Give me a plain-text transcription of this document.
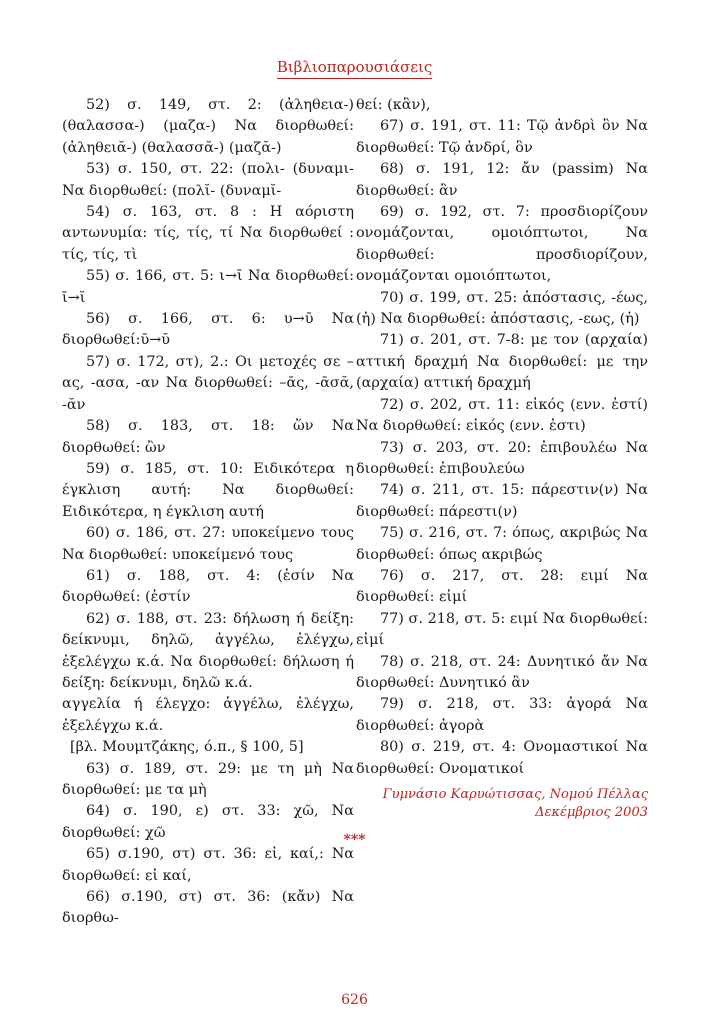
Βιβλιοπαρουσιάσεις
52) σ. 149, στ. 2: (ἀληθεια-) (θαλασσα-) (μαζα-) Να διορθωθεί: (ἀληθειᾰ-) (θαλασσᾰ-) (μαζᾰ-)
53) σ. 150, στ. 22: (πολι- (δυναμι- Να διορθωθεί: (πολῐ- (δυναμῐ-
54) σ. 163, στ. 8 : Η αόριστη αντωνυμία: τίς, τίς, τί Να διορθωθεί : τίς, τίς, τὶ
55) σ. 166, στ. 5: ι→ῑ Να διορθωθεί: ῑ→ῐ
56) σ. 166, στ. 6: υ→ῡ Να διορθωθεί:ῡ→ῠ
57) σ. 172, στ), 2.: Οι μετοχές σε –ας, -ασα, -αν Να διορθωθεί: –ᾱς, -ᾱσᾰ, -ᾰν
58) σ. 183, στ. 18: ὥν Να διορθωθεί: ὢν
59) σ. 185, στ. 10: Ειδικότερα η έγκλιση αυτή: Να διορθωθεί: Ειδικότερα, η έγκλιση αυτή
60) σ. 186, στ. 27: υποκείμενο τους Να διορθωθεί: υποκείμενό τους
61) σ. 188, στ. 4: (ἐσίν Να διορθωθεί: (ἐστίν
62) σ. 188, στ. 23: δήλωση ή δείξη: δείκνυμι, δηλῶ, ἀγγέλω, ἐλέγχω, ἐξελέγχω κ.ά. Να διορθωθεί: δήλωση ή δείξη: δείκνυμι, δηλῶ κ.ά.
αγγελία ή έλεγχο: ἀγγέλω, ἐλέγχω, ἐξελέγχω κ.ά.
[βλ. Μουμτζάκης, ό.π., § 100, 5]
63) σ. 189, στ. 29: με τη μὴ Να διορθωθεί: με τα μὴ
64) σ. 190, ε) στ. 33: χῶ, Να διορθωθεί: χῶ
65) σ.190, στ) στ. 36: εἰ, καί,: Να διορθωθεί: εἰ καί,
66) σ.190, στ) στ. 36: (κἄν) Να διορθω-
θεί: (κἂν),
67) σ. 191, στ. 11: Τῷ ἀνδρὶ ὃν Να διορθωθεί: Τῷ ἀνδρί, ὃν
68) σ. 191, 12: ἄν (passim) Να διορθωθεί: ἂν
69) σ. 192, στ. 7: προσδιορίζουν ονομάζονται, ομοιόπτωτοι, Να διορθωθεί: προσδιορίζουν, ονομάζονται ομοιόπτωτοι,
70) σ. 199, στ. 25: ἀπόστασις, -έως, (ἡ) Να διορθωθεί: ἀπόστασις, -εως, (ἡ)
71) σ. 201, στ. 7-8: με τον (αρχαία) αττική δραχμή Να διορθωθεί: με την (αρχαία) αττική δραχμή
72) σ. 202, στ. 11: εἰκός (ενν. ἐστί) Να διορθωθεί: εἰκός (ενν. ἐστι)
73) σ. 203, στ. 20: ἐπιβουλέω Να διορθωθεί: ἐπιβουλεύω
74) σ. 211, στ. 15: πάρεστιν(ν) Να διορθωθεί: πάρεστι(ν)
75) σ. 216, στ. 7: όπως, ακριβώς Να διορθωθεί: όπως ακριβώς
76) σ. 217, στ. 28: ειμί Να διορθωθεί: εἰμί
77) σ. 218, στ. 5: ειμί Να διορθωθεί: εἰμί
78) σ. 218, στ. 24: Δυνητικό ἄν Να διορθωθεί: Δυνητικό ἂν
79) σ. 218, στ. 33: ἀγορά Να διορθωθεί: ἀγορὰ
80) σ. 219, στ. 4: Ονομαστικοί Να διορθωθεί: Ονοματικοί
Γυμνάσιο Καρυώτισσας, Νομού Πέλλας
Δεκέμβριος 2003
***
626
